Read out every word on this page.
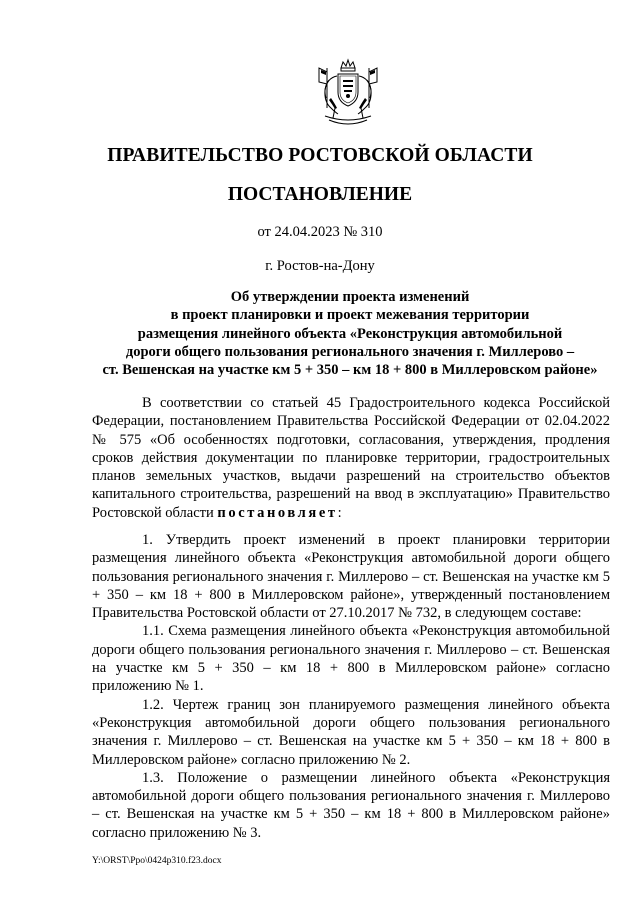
ПРАВИТЕЛЬСТВО РОСТОВСКОЙ ОБЛАСТИ
ПОСТАНОВЛЕНИЕ
от 24.04.2023 № 310
г. Ростов-на-Дону
Об утверждении проекта изменений
в проект планировки и проект межевания территории
размещения линейного объекта «Реконструкция автомобильной
дороги общего пользования регионального значения г. Миллерово –
ст. Вешенская на участке км 5 + 350 – км 18 + 800 в Миллеровском районе»

В соответствии со статьей 45 Градостроительного кодекса Российской Федерации, постановлением Правительства Российской Федерации от 02.04.2022 № 575 «Об особенностях подготовки, согласования, утверждения, продления сроков действия документации по планировке территории, градостроительных планов земельных участков, выдачи разрешений на строительство объектов капитального строительства, разрешений на ввод в эксплуатацию» Правительство Ростовской области постановляет:

1. Утвердить проект изменений в проект планировки территории размещения линейного объекта «Реконструкция автомобильной дороги общего пользования регионального значения г. Миллерово – ст. Вешенская на участке км 5 + 350 – км 18 + 800 в Миллеровском районе», утвержденный постановлением Правительства Ростовской области от 27.10.2017 № 732, в следующем составе:

1.1. Схема размещения линейного объекта «Реконструкция автомобильной дороги общего пользования регионального значения г. Миллерово – ст. Вешенская на участке км 5 + 350 – км 18 + 800 в Миллеровском районе» согласно приложению № 1.

1.2. Чертеж границ зон планируемого размещения линейного объекта «Реконструкция автомобильной дороги общего пользования регионального значения г. Миллерово – ст. Вешенская на участке км 5 + 350 – км 18 + 800 в Миллеровском районе» согласно приложению № 2.

1.3. Положение о размещении линейного объекта «Реконструкция автомобильной дороги общего пользования регионального значения г. Миллерово – ст. Вешенская на участке км 5 + 350 – км 18 + 800 в Миллеровском районе» согласно приложению № 3.

Y:\ORST\Ppo\0424p310.f23.docx
